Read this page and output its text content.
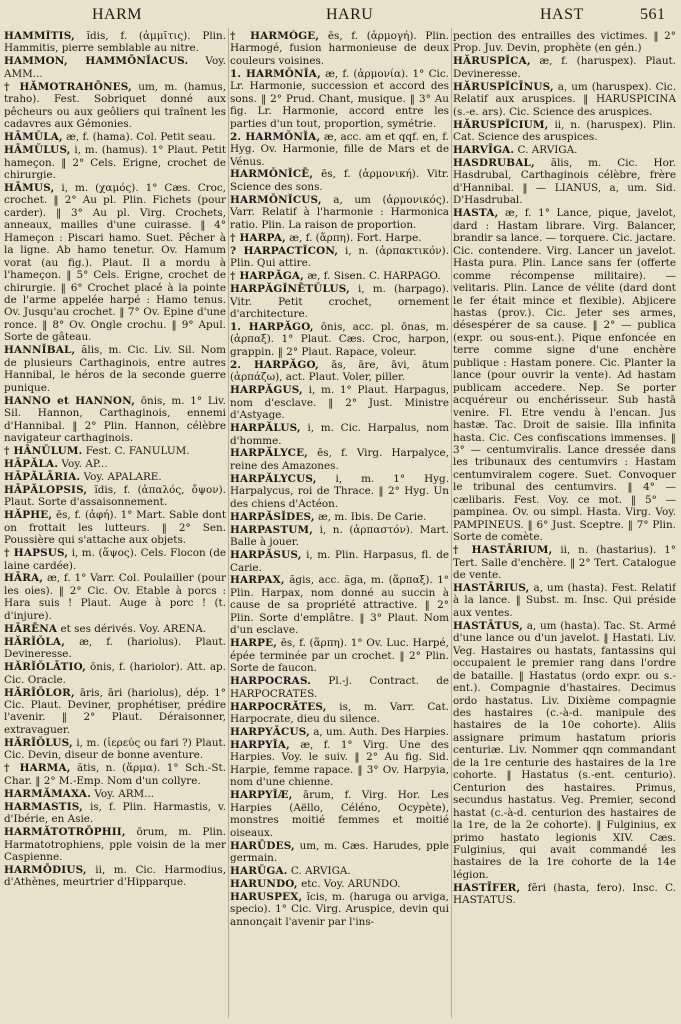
HARM	HARU	HAST	561

HAMMĪTIS, ĭdis, f. (ἀμμῖτις). Plin. Hammitis, pierre semblable au nitre.

HAMMON, HAMMŌNĬACUS. Voy. AMM...

† HĂMOTRAHŌNES, um, m. (hamus, traho). Fest. Sobriquet donné aux pêcheurs ou aux geôliers qui traînent les cadavres aux Gémonies.

HĀMŬLA, æ, f. (hama). Col. Petit seau.

HĀMŬLUS, i, m. (hamus). 1° Plaut. Petit hameçon. ‖ 2° Cels. Erigne, crochet de chirurgie.

HĀMUS, i, m. (χαμός). 1° Cæs. Croc, crochet. ‖ 2° Au pl. Plin. Fichets (pour carder). ‖ 3° Au pl. Virg. Crochets, anneaux, mailles d'une cuirasse. ‖ 4° Hameçon : Piscari hamo. Suet. Pêcher à la ligne. Ab hamo tenetur. Ov. Hamum vorat (au fig.). Plaut. Il a mordu à l'hameçon. ‖ 5° Cels. Erigne, crochet de chirurgie. ‖ 6° Crochet placé à la pointe de l'arme appelée harpé : Hamo tenus. Ov. Jusqu'au crochet. ‖ 7° Ov. Epine d'une ronce. ‖ 8° Ov. Ongle crochu. ‖ 9° Apul. Sorte de gâteau.

HANNĬBAL, ălis, m. Cic. Liv. Sil. Nom de plusieurs Carthaginois, entre autres Hannibal, le héros de la seconde guerre punique.

HANNO et HANNON, ōnis, m. 1° Liv. Sil. Hannon, Carthaginois, ennemi d'Hannibal. ‖ 2° Plin. Hannon, célèbre navigateur carthaginois.

† HĀNŬLUM. Fest. C. FANULUM.

HĀPĂLA. Voy. AP...

HĀPĂLĀRIA. Voy. APALARE.

HĀPĂLOPSIS, ĭdis, f. (ἁπαλός, ὄψον). Plaut. Sorte d'assaisonnement.

HĂPHE, ēs, f. (ἁφή). 1° Mart. Sable dont on frottait les lutteurs. ‖ 2° Sen. Poussière qui s'attache aux objets.

† HAPSUS, i, m. (ἅψος). Cels. Flocon (de laine cardée).

HĀRA, æ, f. 1° Varr. Col. Poulailler (pour les oies). ‖ 2° Cic. Ov. Etable à porcs : Hara suis ! Plaut. Auge à porc ! (t. d'injure).

HĀRĒNA et ses dérivés. Voy. ARENA.

HĂRĬŎLA, æ, f. (hariolus). Plaut. Devineresse.

HĂRĬŎLĀTIO, ōnis, f. (hariolor). Att. ap. Cic. Oracle.

HĂRĬŎLOR, āris, āri (hariolus), dép. 1° Cic. Plaut. Deviner, prophétiser, prédire l'avenir. ‖ 2° Plaut. Déraisonner, extravaguer.

HĂRĬŎLUS, i, m. (ἱερεύς ou fari ?) Plaut. Cic. Devin, diseur de bonne aventure.

† HARMA, ătis, n. (ἅρμα). 1° Sch.-St. Char. ‖ 2° M.-Emp. Nom d'un collyre.

HARMĂMAXA. Voy. ARM...

HARMASTIS, is, f. Plin. Harmastis, v. d'Ibérie, en Asie.

HARMĂTOTRŌPHII, ōrum, m. Plin. Harmatotrophiens, pple voisin de la mer Caspienne.

HARMŌDIUS, ii, m. Cic. Harmodius, d'Athènes, meurtrier d'Hipparque.

† HARMŎGE, ēs, f. (ἁρμογή). Plin. Harmogé, fusion harmonieuse de deux couleurs voisines.

1. HARMŎNĬA, æ, f. (ἁρμονία). 1° Cic. Lr. Harmonie, succession et accord des sons. ‖ 2° Prud. Chant, musique. ‖ 3° Au fig. Lr. Harmonie, accord entre les parties d'un tout, proportion, symétrie.

2. HARMŎNĬA, æ, acc. am et qqf. en, f. Hyg. Ov. Harmonie, fille de Mars et de Vénus.

HARMŎNĬCĒ, ēs, f. (ἁρμονική). Vitr. Science des sons.

HARMŎNĬCUS, a, um (ἁρμονικός). Varr. Relatif à l'harmonie : Harmonica ratio. Plin. La raison de proportion.

† HARPA, æ, f. (ἅρπη). Fort. Harpe.

? HARPACTĬCON, i, n. (ἁρπακτικόν). Plin. Qui attire.

† HARPĂGA, æ, f. Sisen. C. HARPAGO.

HARPĂGĬNĒTŬLUS, i, m. (harpago). Vitr. Petit crochet, ornement d'architecture.

1. HARPĂGO, ōnis, acc. pl. ōnas, m. (ἁρπαξ). 1° Plaut. Cæs. Croc, harpon, grappin. ‖ 2° Plaut. Rapace, voleur.

2. HARPĂGO, ās, āre, āvi, ātum (ἁρπάζω), act. Plaut. Voler, piller.

HARPĂGUS, i, m. 1° Plaut. Harpagus, nom d'esclave. ‖ 2° Just. Ministre d'Astyage.

HARPĂLUS, i, m. Cic. Harpalus, nom d'homme.

HARPĂLYCE, ēs, f. Virg. Harpalyce, reine des Amazones.

HARPĂLYCUS, i, m. 1° Hyg. Harpalycus, roi de Thrace. ‖ 2° Hyg. Un des chiens d'Actéon.

HARPĂSĬDES, æ, m. Ibis. De Carie.

HARPASTUM, i, n. (ἁρπαστόν). Mart. Balle à jouer.

HARPĂSUS, i, m. Plin. Harpasus, fl. de Carie.

HARPAX, ăgis, acc. ăga, m. (ἅρπαξ). 1° Plin. Harpax, nom donné au succin à cause de sa propriété attractive. ‖ 2° Plin. Sorte d'emplâtre. ‖ 3° Plaut. Nom d'un esclave.

HARPE, ēs, f. (ἅρπη). 1° Ov. Luc. Harpé, épée terminée par un crochet. ‖ 2° Plin. Sorte de faucon.

HARPOCRAS. Pl.-j. Contract. de HARPOCRATES.

HARPOCRĂTES, is, m. Varr. Cat. Harpocrate, dieu du silence.

HARPYĀCUS, a, um. Auth. Des Harpies.

HARPYĬA, æ, f. 1° Virg. Une des Harpies. Voy. le suiv. ‖ 2° Au fig. Sid. Harpie, femme rapace. ‖ 3° Ov. Harpyia, nom d'une chienne.

HARPYĬÆ, ārum, f. Virg. Hor. Les Harpies (Aëllo, Céléno, Ocypète), monstres moitié femmes et moitié oiseaux.

HARŪDES, um, m. Cæs. Harudes, pple germain.

HARŬGA. C. ARVIGA.

HARUNDO, etc. Voy. ARUNDO.

HARUSPEX, ĭcis, m. (haruga ou arviga, specio). 1° Cic. Virg. Aruspice, devin qui annonçait l'avenir par l'ins-

pection des entrailles des victimes. ‖ 2° Prop. Juv. Devin, prophète (en gén.)

HĂRUSPĬCA, æ, f. (haruspex). Plaut. Devineresse.

HĂRUSPĬCĪNUS, a, um (haruspex). Cic. Relatif aux aruspices. ‖ HARUSPICINA (s.-e. ars). Cic. Science des aruspices.

HĂRUSPĬCIUM, ii, n. (haruspex). Plin. Cat. Science des aruspices.

HARVĪGA. C. ARVIGA.

HASDRUBAL, ălis, m. Cic. Hor. Hasdrubal, Carthaginois célèbre, frère d'Hannibal. ‖ — LIANUS, a, um. Sid. D'Hasdrubal.

HASTA, æ, f. 1° Lance, pique, javelot, dard : Hastam librare. Virg. Balancer, brandir sa lance. — torquere. Cic. jactare. Cic. contendere. Virg. Lancer un javelot. Hasta pura. Plin. Lance sans fer (offerte comme récompense militaire). — velitaris. Plin. Lance de vélite (dard dont le fer était mince et flexible). Abjicere hastas (prov.). Cic. Jeter ses armes, désespérer de sa cause. ‖ 2° — publica (expr. ou sous-ent.). Pique enfoncée en terre comme signe d'une enchère publique : Hastam ponere. Cic. Planter la lance (pour ouvrir la vente). Ad hastam publicam accedere. Nep. Se porter acquéreur ou enchérisseur. Sub hastā venire. Fl. Etre vendu à l'encan. Jus hastæ. Tac. Droit de saisie. Illa infinita hasta. Cic. Ces confiscations immenses. ‖ 3° — centumviralis. Lance dressée dans les tribunaux des centumvirs : Hastam centumviralem cogere. Suet. Convoquer le tribunal des centumvirs. ‖ 4° — cælibaris. Fest. Voy. ce mot. ‖ 5° — pampinea. Ov. ou simpl. Hasta. Virg. Voy. PAMPINEUS. ‖ 6° Just. Sceptre. ‖ 7° Plin. Sorte de comète.

† HASTĀRIUM, ii, n. (hastarius). 1° Tert. Salle d'enchère. ‖ 2° Tert. Catalogue de vente.

HASTĀRIUS, a, um (hasta). Fest. Relatif à la lance. ‖ Subst. m. Insc. Qui préside aux ventes.

HASTĀTUS, a, um (hasta). Tac. St. Armé d'une lance ou d'un javelot. ‖ Hastati. Liv. Veg. Hastaires ou hastats, fantassins qui occupaient le premier rang dans l'ordre de bataille. ‖ Hastatus (ordo expr. ou s.-ent.). Compagnie d'hastaires. Decimus ordo hastatus. Liv. Dixième compagnie des hastaires (c.-à-d. manipule des hastaires de la 10e cohorte). Aliis assignare primum hastatum prioris centuriæ. Liv. Nommer qqn commandant de la 1re centurie des hastaires de la 1re cohorte. ‖ Hastatus (s.-ent. centurio). Centurion des hastaires. Primus, secundus hastatus. Veg. Premier, second hastat (c.-à-d. centurion des hastaires de la 1re, de la 2e cohorte). ‖ Fulginius, ex primo hastato legionis XIV. Cæs. Fulginius, qui avait commandé les hastaires de la 1re cohorte de la 14e légion.

HASTĪFER, fĕri (hasta, fero). Insc. C. HASTATUS.
